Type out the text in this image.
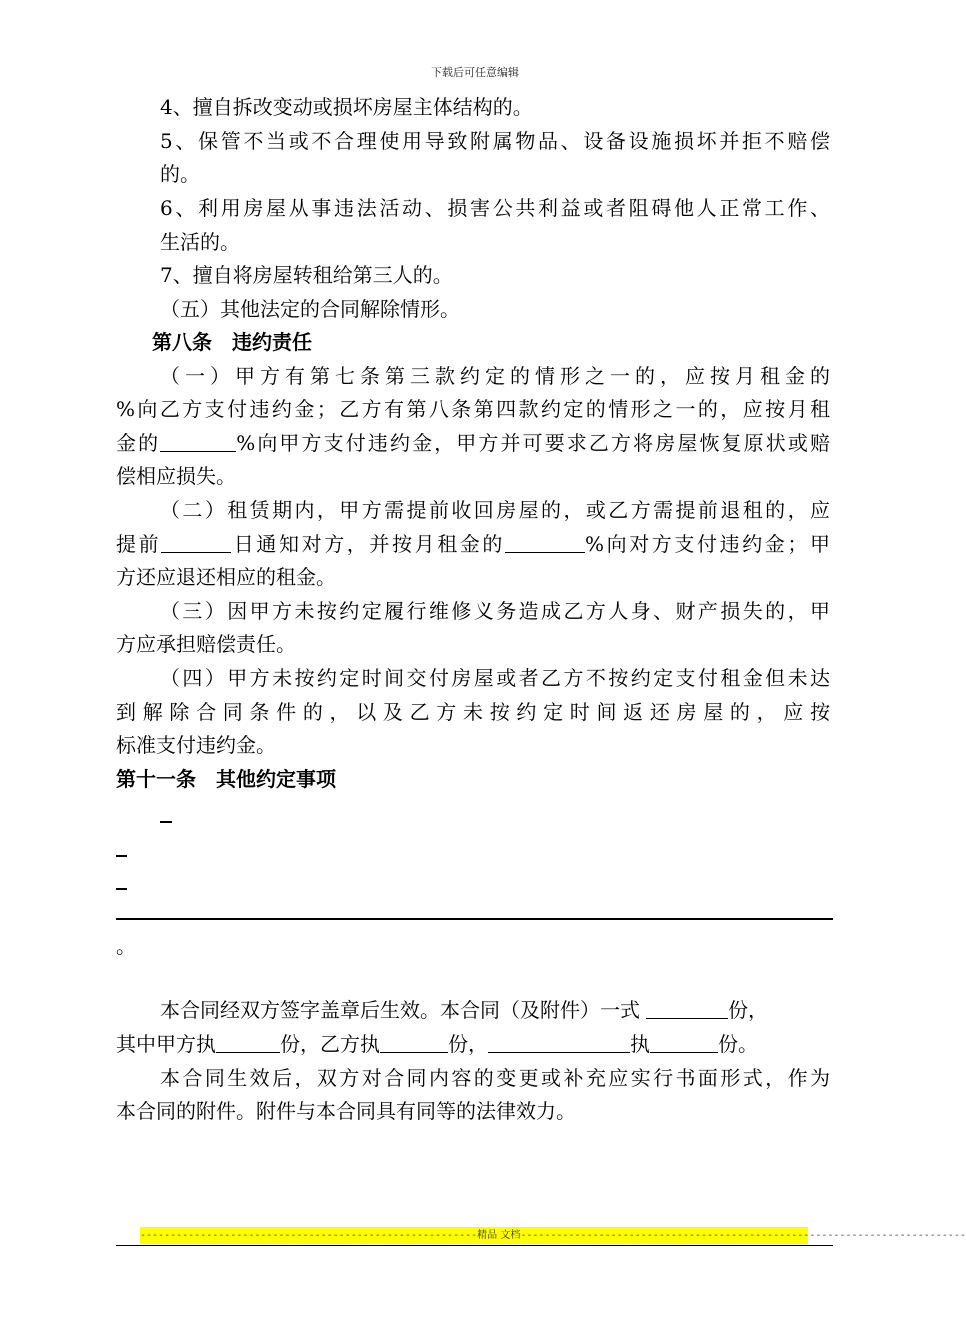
下载后可任意编辑
4、擅自拆改变动或损坏房屋主体结构的。
5、保管不当或不合理使用导致附属物品、设备设施损坏并拒不赔偿
的。
6、利用房屋从事违法活动、损害公共利益或者阻碍他人正常工作、
生活的。
7、擅自将房屋转租给第三人的。
（五）其他法定的合同解除情形。
第八条　违约责任
（一）甲方有第七条第三款约定的情形之一的，应按月租金的
%向乙方支付违约金；乙方有第八条第四款约定的情形之一的，应按月租
金的	%向甲方支付违约金，甲方并可要求乙方将房屋恢复原状或赔
偿相应损失。
（二）租赁期内，甲方需提前收回房屋的，或乙方需提前退租的，应
提前	日通知对方，并按月租金的	%向对方支付违约金；甲
方还应退还相应的租金。
（三）因甲方未按约定履行维修义务造成乙方人身、财产损失的，甲
方应承担赔偿责任。
（四）甲方未按约定时间交付房屋或者乙方不按约定支付租金但未达
到解除合同条件的，以及乙方未按约定时间返还房屋的，应按
标准支付违约金。
第十一条　其他约定事项
。
本合同经双方签字盖章后生效。本合同（及附件）一式	份，
其中甲方执	份，乙方执	份，	执	份。
本合同生效后，双方对合同内容的变更或补充应实行书面形式，作为
本合同的附件。附件与本合同具有同等的法律效力。
--------------------------------------------------------精品 文档--------------------------------------------------------------------------
